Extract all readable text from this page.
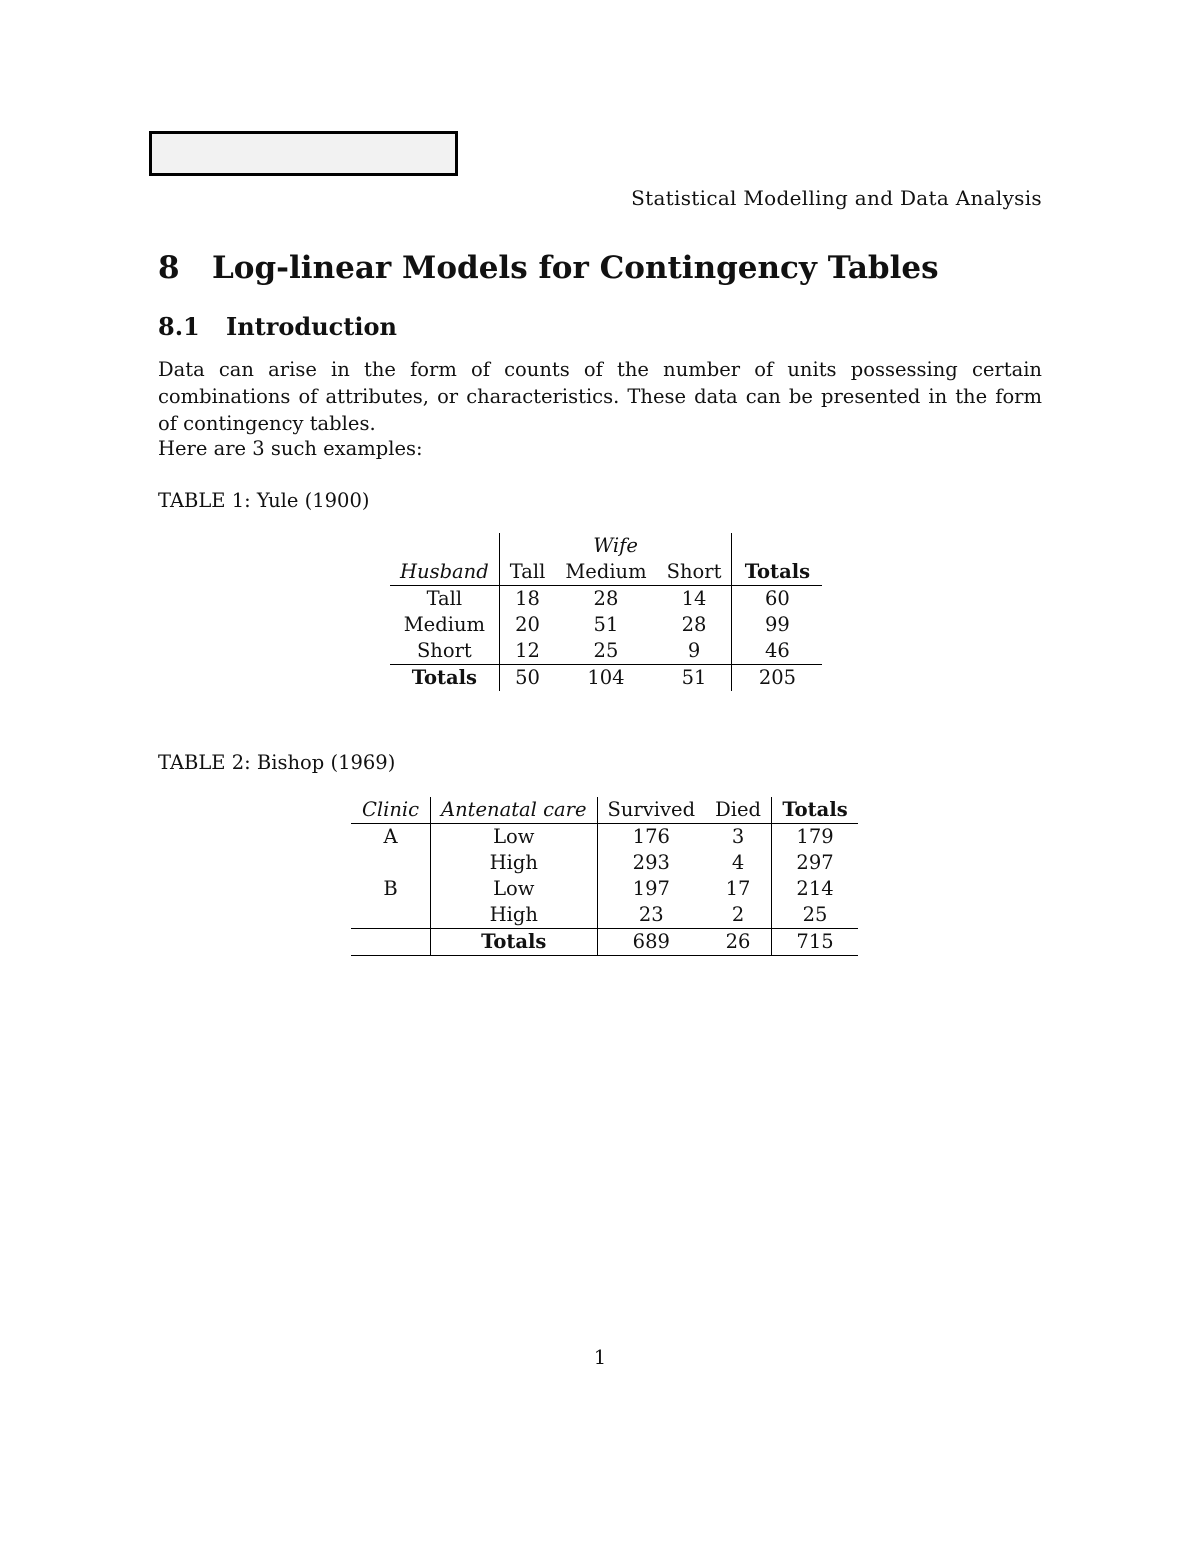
Statistical Modelling and Data Analysis
8 Log-linear Models for Contingency Tables
8.1 Introduction
Data can arise in the form of counts of the number of units possessing certain combinations of attributes, or characteristics. These data can be presented in the form of contingency tables.
Here are 3 such examples:
TABLE 1: Yule (1900)
	Wife			
Husband	Tall	Medium	Short	Totals
Tall	18	28	14	60
Medium	20	51	28	99
Short	12	25	9	46
Totals	50	104	51	205
TABLE 2: Bishop (1969)
Clinic	Antenatal care	Survived	Died	Totals
A	Low	176	3	179
	High	293	4	297
B	Low	197	17	214
	High	23	2	25
	Totals	689	26	715
1
